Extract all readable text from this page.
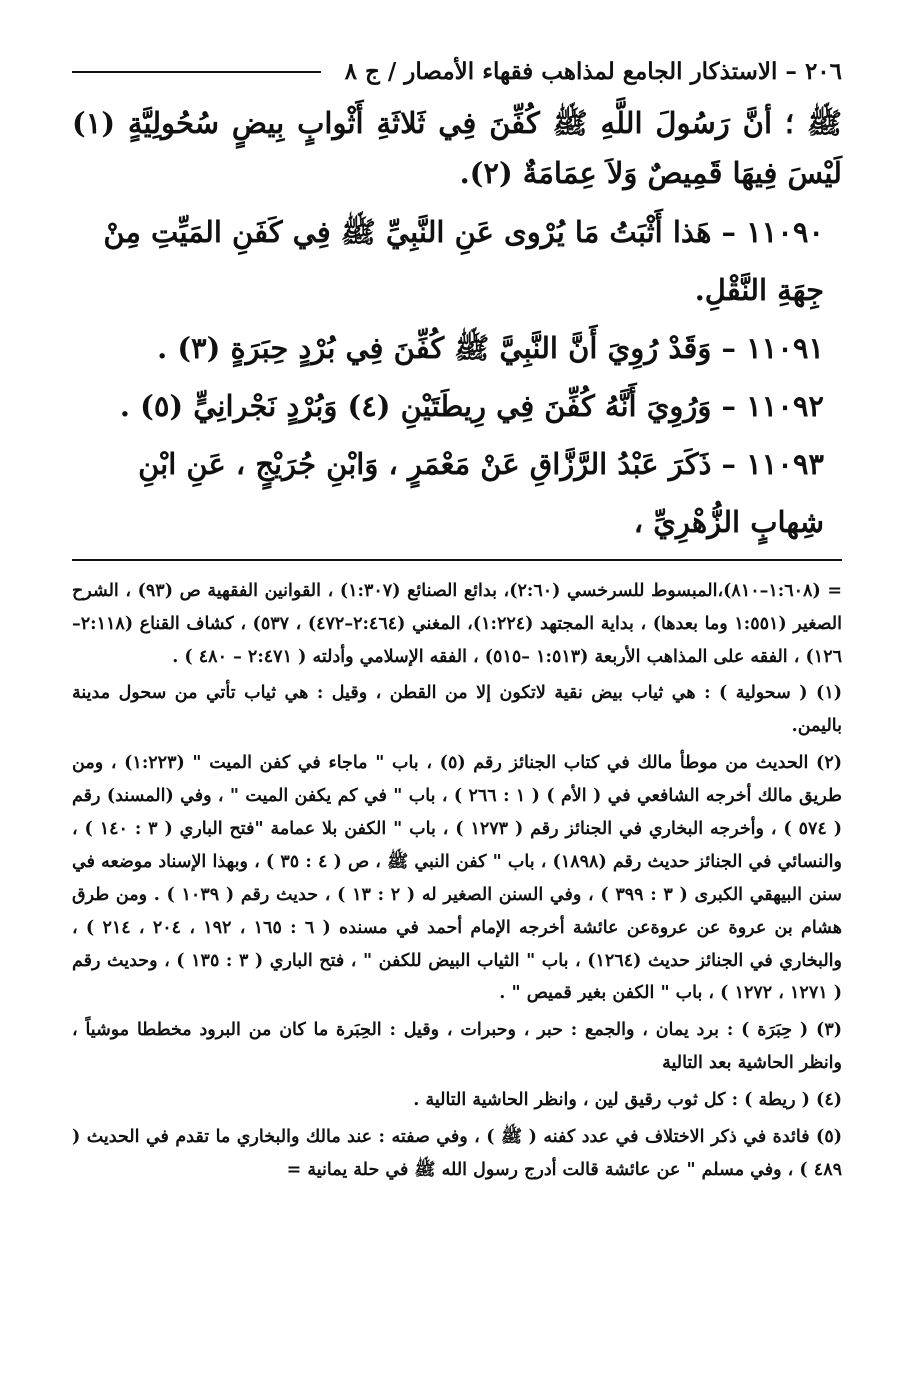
٢٠٦ – الاستذكار الجامع لمذاهب فقهاء الأمصار / ج ٨

ﷺ ؛ أنَّ رَسُولَ اللَّهِ ﷺ كُفِّنَ فِي ثَلاثَةِ أَثْوابٍ بِيضٍ سُحُولِيَّةٍ (١) لَيْسَ فِيهَا قَمِيصٌ وَلاَ عِمَامَةٌ (٢).

١١٠٩٠ – هَذا أَثْبَتُ مَا يُرْوى عَنِ النَّبِيِّ ﷺ فِي كَفَنِ المَيِّتِ مِنْ جِهَةِ النَّقْلِ.

١١٠٩١ – وَقَدْ رُوِيَ أَنَّ النَّبِيَّ ﷺ كُفِّنَ فِي بُرْدٍ حِبَرَةٍ (٣) .

١١٠٩٢ – وَرُوِيَ أَنَّهُ كُفِّنَ فِي رِيطَتَيْنِ (٤) وَبُرْدٍ نَجْرانِيٍّ (٥) .

١١٠٩٣ – ذَكَرَ عَبْدُ الرَّزَّاقِ عَنْ مَعْمَرٍ ، وَابْنِ جُرَيْجٍ ، عَنِ ابْنِ شِهابٍ الزُّهْرِيِّ ،

= (١:٦٠٨–٨١٠)،المبسوط للسرخسي (٢:٦٠)، بدائع الصنائع (١:٣٠٧) ، القوانين الفقهية ص (٩٣) ، الشرح الصغير (١:٥٥١ وما بعدها) ، بداية المجتهد (١:٢٢٤)، المغني (٢:٤٦٤–٤٧٢) ، ٥٣٧) ، كشاف القناع (٢:١١٨–١٢٦) ، الفقه على المذاهب الأربعة (١:٥١٣ –٥١٥) ، الفقه الإسلامي وأدلته ( ٢:٤٧١ – ٤٨٠ ) .

(١) ( سحولية ) : هي ثياب بيض نقية لاتكون إلا من القطن ، وقيل : هي ثياب تأتي من سحول مدينة باليمن.

(٢) الحديث من موطأ مالك في كتاب الجنائز رقم (٥) ، باب " ماجاء في كفن الميت " (١:٢٢٣) ، ومن طريق مالك أخرجه الشافعي في ( الأم ) ( ١ : ٢٦٦ ) ، باب " في كم يكفن الميت " ، وفي (المسند) رقم ( ٥٧٤ ) ، وأخرجه البخاري في الجنائز رقم ( ١٢٧٣ ) ، باب " الكفن بلا عمامة "فتح الباري ( ٣ : ١٤٠ ) ، والنسائي في الجنائز حديث رقم (١٨٩٨) ، باب " كفن النبي ﷺ ، ص ( ٤ : ٣٥ ) ، وبهذا الإسناد موضعه في سنن البيهقي الكبرى ( ٣ : ٣٩٩ ) ، وفي السنن الصغير له ( ٢ : ١٣ ) ، حديث رقم ( ١٠٣٩ ) . ومن طرق هشام بن عروة عن عروةعن عائشة أخرجه الإمام أحمد في مسنده ( ٦ : ١٦٥ ، ١٩٢ ، ٢٠٤ ، ٢١٤ ) ، والبخاري في الجنائز حديث (١٢٦٤) ، باب " الثياب البيض للكفن " ، فتح الباري ( ٣ : ١٣٥ ) ، وحديث رقم ( ١٢٧١ ، ١٢٧٢ ) ، باب " الكفن بغير قميص " .

(٣) ( حِبَرَة ) : برد يمان ، والجمع : حبر ، وحبرات ، وقيل : الحِبَرة ما كان من البرود مخططا موشياً ، وانظر الحاشية بعد التالية

(٤) ( ريطة ) : كل ثوب رقيق لين ، وانظر الحاشية التالية .

(٥) فائدة في ذكر الاختلاف في عدد كفنه ( ﷺ ) ، وفي صفته : عند مالك والبخاري ما تقدم في الحديث ( ٤٨٩ ) ، وفي مسلم " عن عائشة قالت أدرج رسول الله ﷺ في حلة يمانية =
